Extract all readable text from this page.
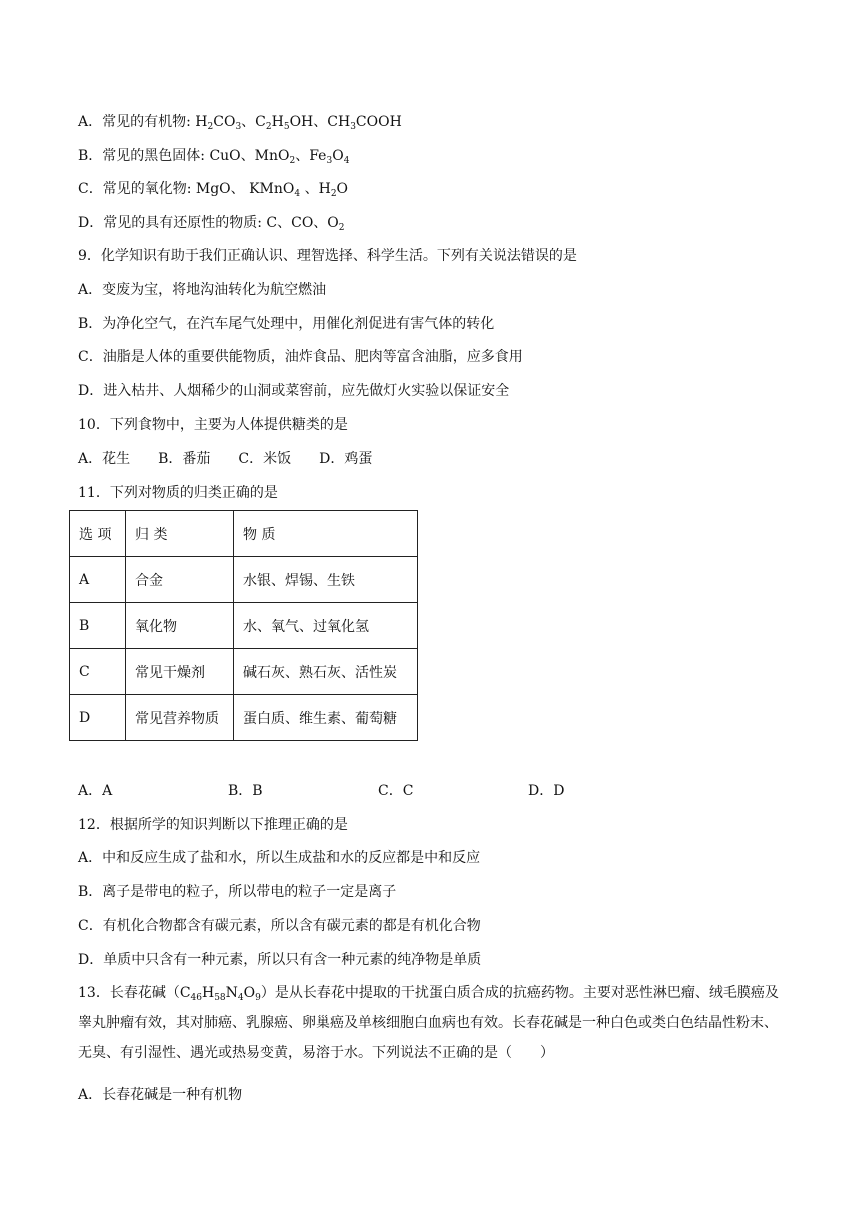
A．常见的有机物: $H_2CO_3$、$C_2H_5OH$、$CH_3COOH$
B．常见的黑色固体: CuO、MnO$_2$、$Fe_3O_4$
C．常见的氧化物: MgO、 KMnO$_4$ 、$H_2O$
D．常见的具有还原性的物质: C、CO、$O_2$
9．化学知识有助于我们正确认识、理智选择、科学生活。下列有关说法错误的是
A．变废为宝，将地沟油转化为航空燃油
B．为净化空气，在汽车尾气处理中，用催化剂促进有害气体的转化
C．油脂是人体的重要供能物质，油炸食品、肥肉等富含油脂，应多食用
D．进入枯井、人烟稀少的山洞或菜窖前，应先做灯火实验以保证安全
10．下列食物中，主要为人体提供糖类的是
A．花生　　B．番茄　　C．米饭　　D．鸡蛋
11．下列对物质的归类正确的是
选 项	归 类	物 质
A	合金	水银、焊锡、生铁
B	氧化物	水、氧气、过氧化氢
C	常见干燥剂	碱石灰、熟石灰、活性炭
D	常见营养物质	蛋白质、维生素、葡萄糖
A．A	B．B	C．C	D．D
12．根据所学的知识判断以下推理正确的是
A．中和反应生成了盐和水，所以生成盐和水的反应都是中和反应
B．离子是带电的粒子，所以带电的粒子一定是离子
C．有机化合物都含有碳元素，所以含有碳元素的都是有机化合物
D．单质中只含有一种元素，所以只有含一种元素的纯净物是单质
13．长春花碱$(C_{46}H_{58}N_4O_9)$是从长春花中提取的干扰蛋白质合成的抗癌药物。主要对恶性淋巴瘤、绒毛膜癌及睾丸肿瘤有效，其对肺癌、乳腺癌、卵巢癌及单核细胞白血病也有效。长春花碱是一种白色或类白色结晶性粉末、无臭、有引湿性、遇光或热易变黄，易溶于水。下列说法不正确的是（　　）
A．长春花碱是一种有机物
